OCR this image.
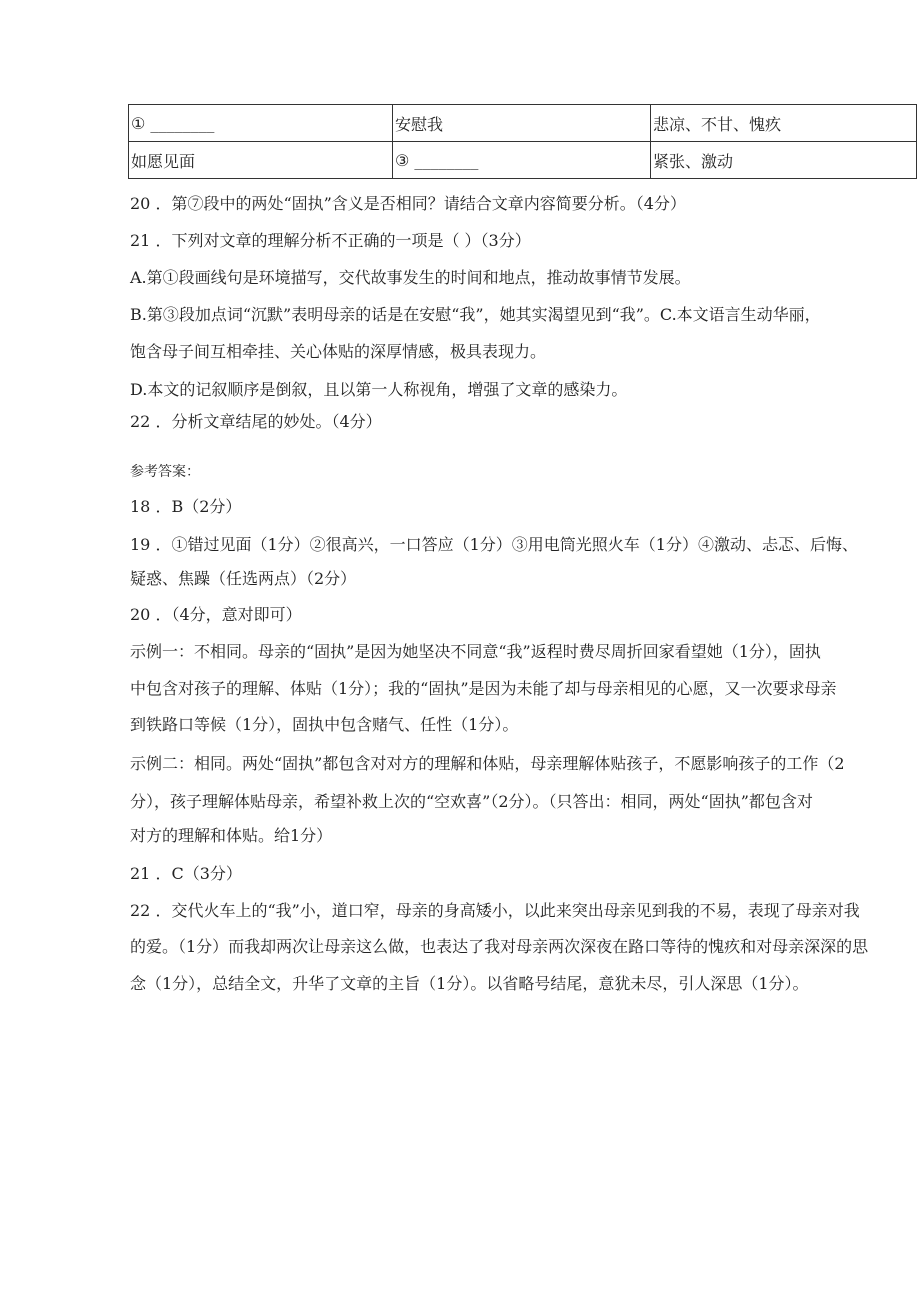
① ________	安慰我	悲凉、不甘、愧疚
如愿见面	③ ________	紧张、激动
20 ．第⑦段中的两处“固执”含义是否相同？请结合文章内容简要分析。（4分）
21 ．下列对文章的理解分析不正确的一项是（ ）（3分）
A.第①段画线句是环境描写，交代故事发生的时间和地点，推动故事情节发展。
B.第③段加点词“沉默”表明母亲的话是在安慰“我”，她其实渴望见到“我”。C.本文语言生动华丽，
饱含母子间互相牵挂、关心体贴的深厚情感，极具表现力。
D.本文的记叙顺序是倒叙，且以第一人称视角，增强了文章的感染力。
22 ．分析文章结尾的妙处。（4分）
参考答案：
18 ．B（2分）
19 ．①错过见面（1分）②很高兴，一口答应（1分）③用电筒光照火车（1分）④激动、忐忑、后悔、
疑惑、焦躁（任选两点）（2分）
20 ．（4分，意对即可）
示例一：不相同。母亲的“固执”是因为她坚决不同意“我”返程时费尽周折回家看望她（1分），固执
中包含对孩子的理解、体贴（1分）；我的“固执”是因为未能了却与母亲相见的心愿，又一次要求母亲
到铁路口等候（1分），固执中包含赌气、任性（1分）。
示例二：相同。两处“固执”都包含对对方的理解和体贴，母亲理解体贴孩子，不愿影响孩子的工作（2
分），孩子理解体贴母亲，希望补救上次的“空欢喜”（2分）。（只答出：相同，两处“固执”都包含对
对方的理解和体贴。给1分）
21 ．C（3分）
22 ．交代火车上的“我”小，道口窄，母亲的身高矮小，以此来突出母亲见到我的不易，表现了母亲对我
的爱。（1分）而我却两次让母亲这么做，也表达了我对母亲两次深夜在路口等待的愧疚和对母亲深深的思
念（1分），总结全文，升华了文章的主旨（1分）。以省略号结尾，意犹未尽，引人深思（1分）。
